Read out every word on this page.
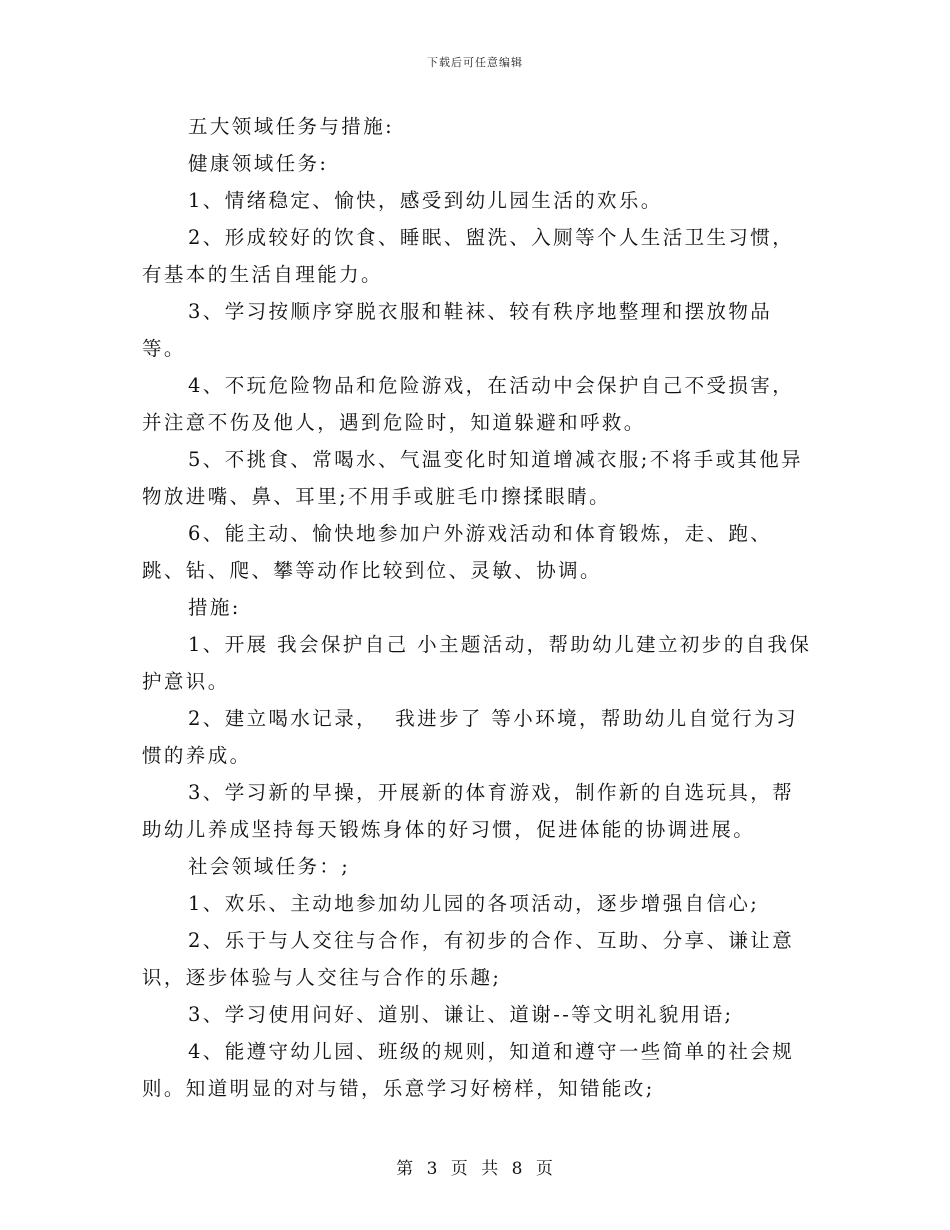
下载后可任意编辑

五大领域任务与措施:

健康领域任务:

1、情绪稳定、愉快，感受到幼儿园生活的欢乐。

2、形成较好的饮食、睡眠、盥洗、入厕等个人生活卫生习惯，有基本的生活自理能力。

3、学习按顺序穿脱衣服和鞋袜、较有秩序地整理和摆放物品等。

4、不玩危险物品和危险游戏，在活动中会保护自己不受损害，并注意不伤及他人，遇到危险时，知道躲避和呼救。

5、不挑食、常喝水、气温变化时知道增减衣服;不将手或其他异物放进嘴、鼻、耳里;不用手或脏毛巾擦揉眼睛。

6、能主动、愉快地参加户外游戏活动和体育锻炼，走、跑、跳、钻、爬、攀等动作比较到位、灵敏、协调。

措施:

1、开展 我会保护自己 小主题活动，帮助幼儿建立初步的自我保护意识。

2、建立喝水记录，  我进步了 等小环境，帮助幼儿自觉行为习惯的养成。

3、学习新的早操，开展新的体育游戏，制作新的自选玩具，帮助幼儿养成坚持每天锻炼身体的好习惯，促进体能的协调进展。

社会领域任务：;

1、欢乐、主动地参加幼儿园的各项活动，逐步增强自信心;

2、乐于与人交往与合作，有初步的合作、互助、分享、谦让意识，逐步体验与人交往与合作的乐趣;

3、学习使用问好、道别、谦让、道谢--等文明礼貌用语;

4、能遵守幼儿园、班级的规则，知道和遵守一些简单的社会规则。知道明显的对与错，乐意学习好榜样，知错能改;

第 3 页 共 8 页
